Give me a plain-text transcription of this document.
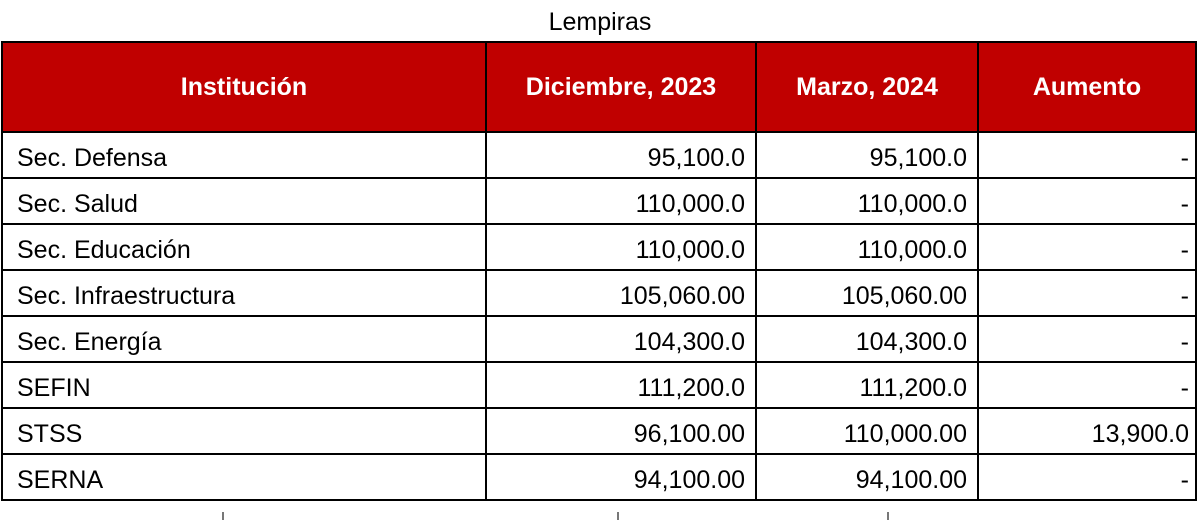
Lempiras
Institución	Diciembre, 2023	Marzo, 2024	Aumento
Sec. Defensa	95,100.0	95,100.0	-
Sec. Salud	110,000.0	110,000.0	-
Sec. Educación	110,000.0	110,000.0	-
Sec. Infraestructura	105,060.00	105,060.00	-
Sec. Energía	104,300.0	104,300.0	-
SEFIN	111,200.0	111,200.0	-
STSS	96,100.00	110,000.00	13,900.0
SERNA	94,100.00	94,100.00	-
